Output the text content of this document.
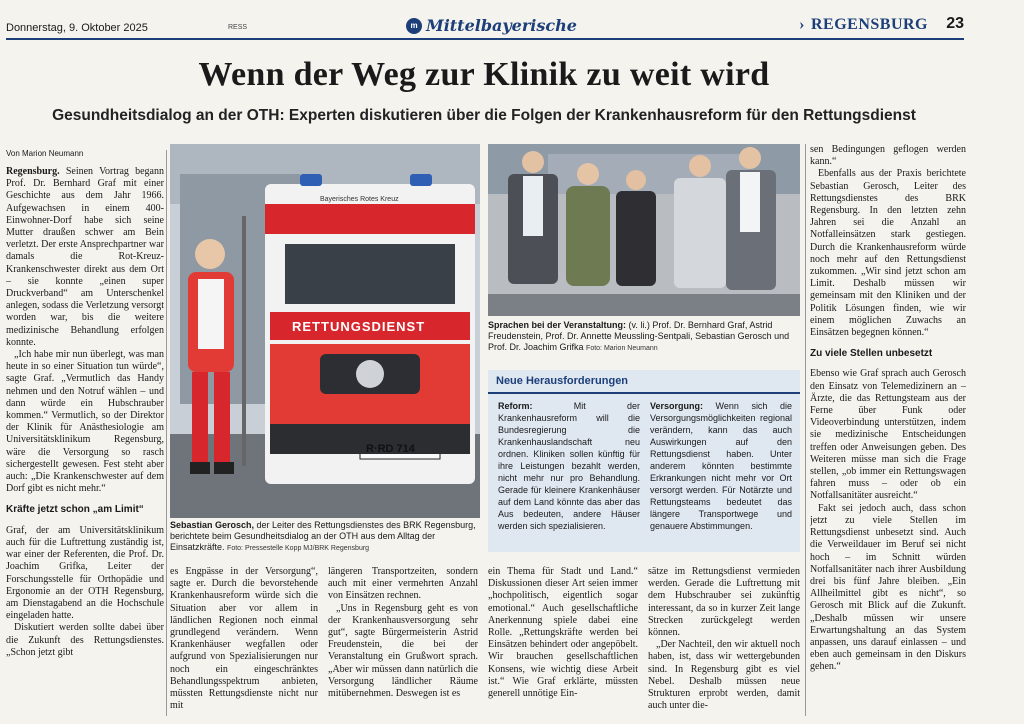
Donnerstag, 9. Oktober 2025	RESS	m Mittelbayerische
›	REGENSBURG 23
Wenn der Weg zur Klinik zu weit wird
Gesundheitsdialog an der OTH: Experten diskutieren über die Folgen der Krankenhausreform für den Rettungsdienst
Von Marion Neumann

Regensburg. Seinen Vortrag begann Prof. Dr. Bernhard Graf mit einer Geschichte aus dem Jahr 1966. Aufgewachsen in einem 400-Einwohner-Dorf habe sich seine Mutter draußen schwer am Bein verletzt. Der erste Ansprechpartner war damals die Rot-Kreuz-Krankenschwester direkt aus dem Ort – sie konnte „einen super Druckverband“ am Unterschenkel anlegen, sodass die Verletzung versorgt worden war, bis die weitere medizinische Behandlung erfolgen konnte.

„Ich habe mir nun überlegt, was man heute in so einer Situation tun würde“, sagte Graf. „Vermutlich das Handy nehmen und den Notruf wählen – und dann würde ein Hubschrauber kommen.“ Vermutlich, so der Direktor der Klinik für Anästhesiologie am Universitätsklinikum Regensburg, wäre die Versorgung so rasch sichergestellt gewesen. Fest steht aber auch: „Die Krankenschwester auf dem Dorf gibt es nicht mehr.“

Kräfte jetzt schon „am Limit“

Graf, der am Universitätsklinikum auch für die Luftrettung zuständig ist, war einer der Referenten, die Prof. Dr. Joachim Grifka, Leiter der Forschungsstelle für Orthopädie und Ergonomie an der OTH Regensburg, am Dienstagabend an die Hochschule eingeladen hatte.

Diskutiert werden sollte dabei über die Zukunft des Rettungsdienstes. „Schon jetzt gibt

Bayerisches Rotes Kreuz
RETTUNGSDIENST
R·RD 714
Sebastian Gerosch, der Leiter des Rettungsdienstes des BRK Regensburg, berichtete beim Gesundheitsdialog an der OTH aus dem Alltag der Einsatzkräfte. Foto: Pressestelle Kopp MJ/BRK Regensburg
Sprachen bei der Veranstaltung: (v. li.) Prof. Dr. Bernhard Graf, Astrid Freudenstein, Prof. Dr. Annette Meussling-Sentpali, Sebastian Gerosch und Prof. Dr. Joachim Grifka Foto: Marion Neumann
Neue Herausforderungen
Reform: Mit der Krankenhausreform will die Bundesregierung die Krankenhauslandschaft neu ordnen. Kliniken sollen künftig für ihre Leistungen bezahlt werden, nicht mehr nur pro Behandlung. Gerade für kleinere Krankenhäuser auf dem Land könnte das aber das Aus bedeuten, andere Häuser werden sich spezialisieren.
Versorgung: Wenn sich die Versorgungsmöglichkeiten regional verändern, kann das auch Auswirkungen auf den Rettungsdienst haben. Unter anderem könnten bestimmte Erkrankungen nicht mehr vor Ort versorgt werden. Für Notärzte und Rettungsteams bedeutet das längere Transportwege und genauere Abstimmungen.

es Engpässe in der Versorgung“, sagte er. Durch die bevorstehende Krankenhausreform würde sich die Situation aber vor allem in ländlichen Regionen noch einmal grundlegend verändern. Wenn Krankenhäuser wegfallen oder aufgrund von Spezialisierungen nur noch ein eingeschränktes Behandlungsspektrum anbieten, müssten Rettungsdienste nicht nur mit

längeren Transportzeiten, sondern auch mit einer vermehrten Anzahl von Einsätzen rechnen.

„Uns in Regensburg geht es von der Krankenhausversorgung sehr gut“, sagte Bürgermeisterin Astrid Freudenstein, die bei der Veranstaltung ein Grußwort sprach. „Aber wir müssen dann natürlich die Versorgung ländlicher Räume mitübernehmen. Deswegen ist es

ein Thema für Stadt und Land.“ Diskussionen dieser Art seien immer „hochpolitisch, eigentlich sogar emotional.“ Auch gesellschaftliche Anerkennung spiele dabei eine Rolle. „Rettungskräfte werden bei Einsätzen behindert oder angepöbelt. Wir brauchen gesellschaftlichen Konsens, wie wichtig diese Arbeit ist.“ Wie Graf erklärte, müssten generell unnötige Ein-

sätze im Rettungsdienst vermieden werden. Gerade die Luftrettung mit dem Hubschrauber sei zukünftig interessant, da so in kurzer Zeit lange Strecken zurückgelegt werden können.

„Der Nachteil, den wir aktuell noch haben, ist, dass wir wettergebunden sind. In Regensburg gibt es viel Nebel. Deshalb müssen neue Strukturen erprobt werden, damit auch unter die-

sen Bedingungen geflogen werden kann.“

Ebenfalls aus der Praxis berichtete Sebastian Gerosch, Leiter des Rettungsdienstes des BRK Regensburg. In den letzten zehn Jahren sei die Anzahl an Notfalleinsätzen stark gestiegen. Durch die Krankenhausreform würde noch mehr auf den Rettungsdienst zukommen. „Wir sind jetzt schon am Limit. Deshalb müssen wir gemeinsam mit den Kliniken und der Politik Lösungen finden, wie wir einem möglichen Zuwachs an Einsätzen begegnen können.“

Zu viele Stellen unbesetzt

Ebenso wie Graf sprach auch Gerosch den Einsatz von Telemedizinern an – Ärzte, die das Rettungsteam aus der Ferne über Funk oder Videoverbindung unterstützen, indem sie medizinische Entscheidungen treffen oder Anweisungen geben. Des Weiteren müsse man sich die Frage stellen, „ob immer ein Rettungswagen fahren muss – oder ob ein Notfallsanitäter ausreicht.“

Fakt sei jedoch auch, dass schon jetzt zu viele Stellen im Rettungsdienst unbesetzt sind. Auch die Verweildauer im Beruf sei nicht hoch – im Schnitt würden Notfallsanitäter nach ihrer Ausbildung drei bis fünf Jahre bleiben. „Ein Allheilmittel gibt es nicht“, so Gerosch mit Blick auf die Zukunft. „Deshalb müssen wir unsere Erwartungshaltung an das System anpassen, uns darauf einlassen – und eben auch gemeinsam in den Diskurs gehen.“
